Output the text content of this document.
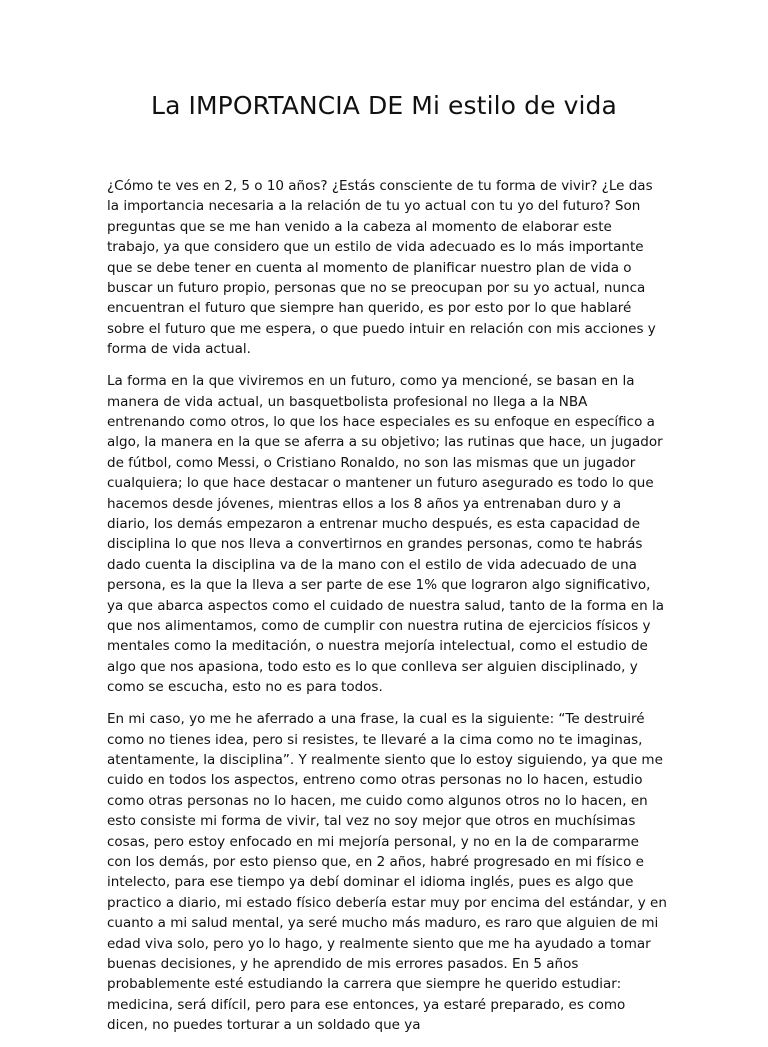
La IMPORTANCIA DE Mi estilo de vida

¿Cómo te ves en 2, 5 o 10 años? ¿Estás consciente de tu forma de vivir? ¿Le das la importancia necesaria a la relación de tu yo actual con tu yo del futuro? Son preguntas que se me han venido a la cabeza al momento de elaborar este trabajo, ya que considero que un estilo de vida adecuado es lo más importante que se debe tener en cuenta al momento de planificar nuestro plan de vida o buscar un futuro propio, personas que no se preocupan por su yo actual, nunca encuentran el futuro que siempre han querido, es por esto por lo que hablaré sobre el futuro que me espera, o que puedo intuir en relación con mis acciones y forma de vida actual.

La forma en la que viviremos en un futuro, como ya mencioné, se basan en la manera de vida actual, un basquetbolista profesional no llega a la NBA entrenando como otros, lo que los hace especiales es su enfoque en específico a algo, la manera en la que se aferra a su objetivo; las rutinas que hace, un jugador de fútbol, como Messi, o Cristiano Ronaldo, no son las mismas que un jugador cualquiera; lo que hace destacar o mantener un futuro asegurado es todo lo que hacemos desde jóvenes, mientras ellos a los 8 años ya entrenaban duro y a diario, los demás empezaron a entrenar mucho después, es esta capacidad de disciplina lo que nos lleva a convertirnos en grandes personas, como te habrás dado cuenta la disciplina va de la mano con el estilo de vida adecuado de una persona, es la que la lleva a ser parte de ese 1% que lograron algo significativo, ya que abarca aspectos como el cuidado de nuestra salud, tanto de la forma en la que nos alimentamos, como de cumplir con nuestra rutina de ejercicios físicos y mentales como la meditación, o nuestra mejoría intelectual, como el estudio de algo que nos apasiona, todo esto es lo que conlleva ser alguien disciplinado, y como se escucha, esto no es para todos.

En mi caso, yo me he aferrado a una frase, la cual es la siguiente: “Te destruiré como no tienes idea, pero si resistes, te llevaré a la cima como no te imaginas, atentamente, la disciplina”. Y realmente siento que lo estoy siguiendo, ya que me cuido en todos los aspectos, entreno como otras personas no lo hacen, estudio como otras personas no lo hacen, me cuido como algunos otros no lo hacen, en esto consiste mi forma de vivir, tal vez no soy mejor que otros en muchísimas cosas, pero estoy enfocado en mi mejoría personal, y no en la de compararme con los demás, por esto pienso que, en 2 años, habré progresado en mi físico e intelecto, para ese tiempo ya debí dominar el idioma inglés, pues es algo que practico a diario, mi estado físico debería estar muy por encima del estándar, y en cuanto a mi salud mental, ya seré mucho más maduro, es raro que alguien de mi edad viva solo, pero yo lo hago, y realmente siento que me ha ayudado a tomar buenas decisiones, y he aprendido de mis errores pasados. En 5 años probablemente esté estudiando la carrera que siempre he querido estudiar: medicina, será difícil, pero para ese entonces, ya estaré preparado, es como dicen, no puedes torturar a un soldado que ya
